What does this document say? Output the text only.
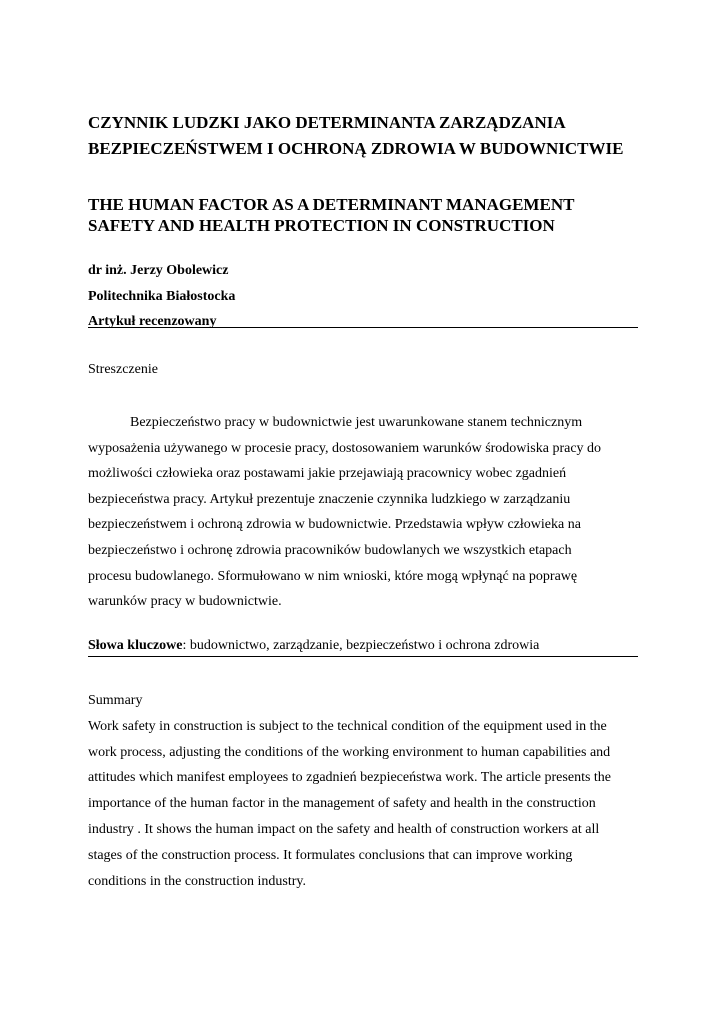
CZYNNIK LUDZKI JAKO DETERMINANTA ZARZĄDZANIA
BEZPIECZEŃSTWEM I OCHRONĄ ZDROWIA W BUDOWNICTWIE
THE HUMAN FACTOR AS A DETERMINANT MANAGEMENT
SAFETY AND HEALTH PROTECTION IN CONSTRUCTION
dr inż. Jerzy Obolewicz
Politechnika Białostocka
Artykuł recenzowany
Streszczenie
Bezpieczeństwo pracy w budownictwie jest uwarunkowane stanem technicznym
wyposażenia używanego w procesie pracy, dostosowaniem warunków środowiska pracy do
możliwości człowieka oraz postawami jakie przejawiają pracownicy wobec zgadnień
bezpieceństwa pracy. Artykuł prezentuje znaczenie czynnika ludzkiego w zarządzaniu
bezpieczeństwem i ochroną zdrowia w budownictwie. Przedstawia wpływ człowieka na
bezpieczeństwo i ochronę zdrowia pracowników budowlanych we wszystkich etapach
procesu budowlanego. Sformułowano w nim wnioski, które mogą wpłynąć na poprawę
warunków pracy w budownictwie.
Słowa kluczowe: budownictwo, zarządzanie, bezpieczeństwo i ochrona zdrowia
Summary
Work safety in construction is subject to the technical condition of the equipment used in the
work process, adjusting the conditions of the working environment to human capabilities and
attitudes which manifest employees to zgadnień bezpieceństwa work. The article presents the
importance of the human factor in the management of safety and health in the construction
industry . It shows the human impact on the safety and health of construction workers at all
stages of the construction process. It formulates conclusions that can improve working
conditions in the construction industry.
